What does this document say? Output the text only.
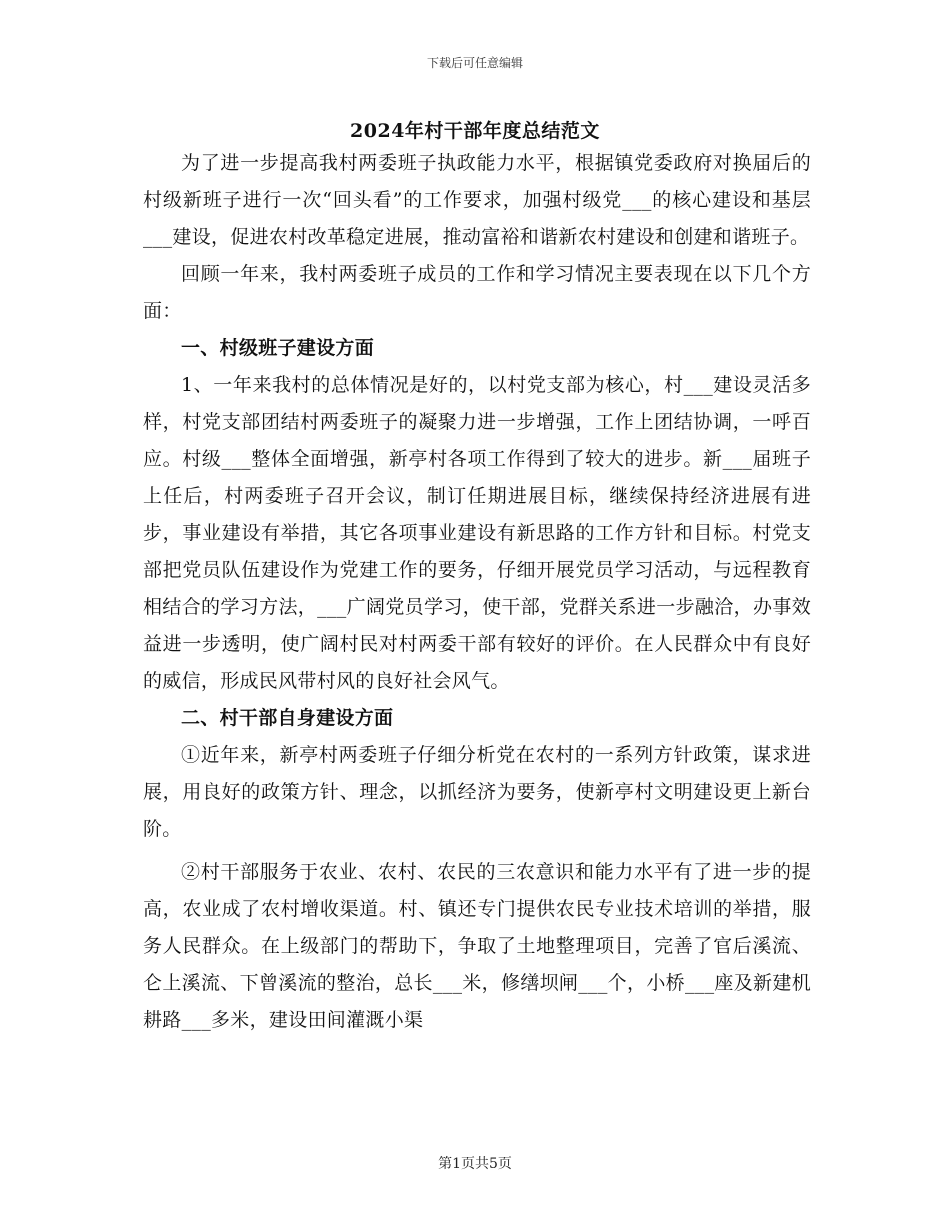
下载后可任意编辑
2024年村干部年度总结范文

为了进一步提高我村两委班子执政能力水平，根据镇党委政府对换届后的村级新班子进行一次“回头看”的工作要求，加强村级党___的核心建设和基层___建设，促进农村改革稳定进展，推动富裕和谐新农村建设和创建和谐班子。

回顾一年来，我村两委班子成员的工作和学习情况主要表现在以下几个方面：

一、村级班子建设方面

1、一年来我村的总体情况是好的，以村党支部为核心，村___建设灵活多样，村党支部团结村两委班子的凝聚力进一步增强，工作上团结协调，一呼百应。村级___整体全面增强，新亭村各项工作得到了较大的进步。新___届班子上任后，村两委班子召开会议，制订任期进展目标，继续保持经济进展有进步，事业建设有举措，其它各项事业建设有新思路的工作方针和目标。村党支部把党员队伍建设作为党建工作的要务，仔细开展党员学习活动，与远程教育相结合的学习方法，___广阔党员学习，使干部，党群关系进一步融洽，办事效益进一步透明，使广阔村民对村两委干部有较好的评价。在人民群众中有良好的威信，形成民风带村风的良好社会风气。

二、村干部自身建设方面

①近年来，新亭村两委班子仔细分析党在农村的一系列方针政策，谋求进展，用良好的政策方针、理念，以抓经济为要务，使新亭村文明建设更上新台阶。

②村干部服务于农业、农村、农民的三农意识和能力水平有了进一步的提高，农业成了农村增收渠道。村、镇还专门提供农民专业技术培训的举措，服务人民群众。在上级部门的帮助下，争取了土地整理项目，完善了官后溪流、仑上溪流、下曾溪流的整治，总长___米，修缮坝闸___个，小桥___座及新建机耕路___多米，建设田间灌溉小渠

第1页共5页
